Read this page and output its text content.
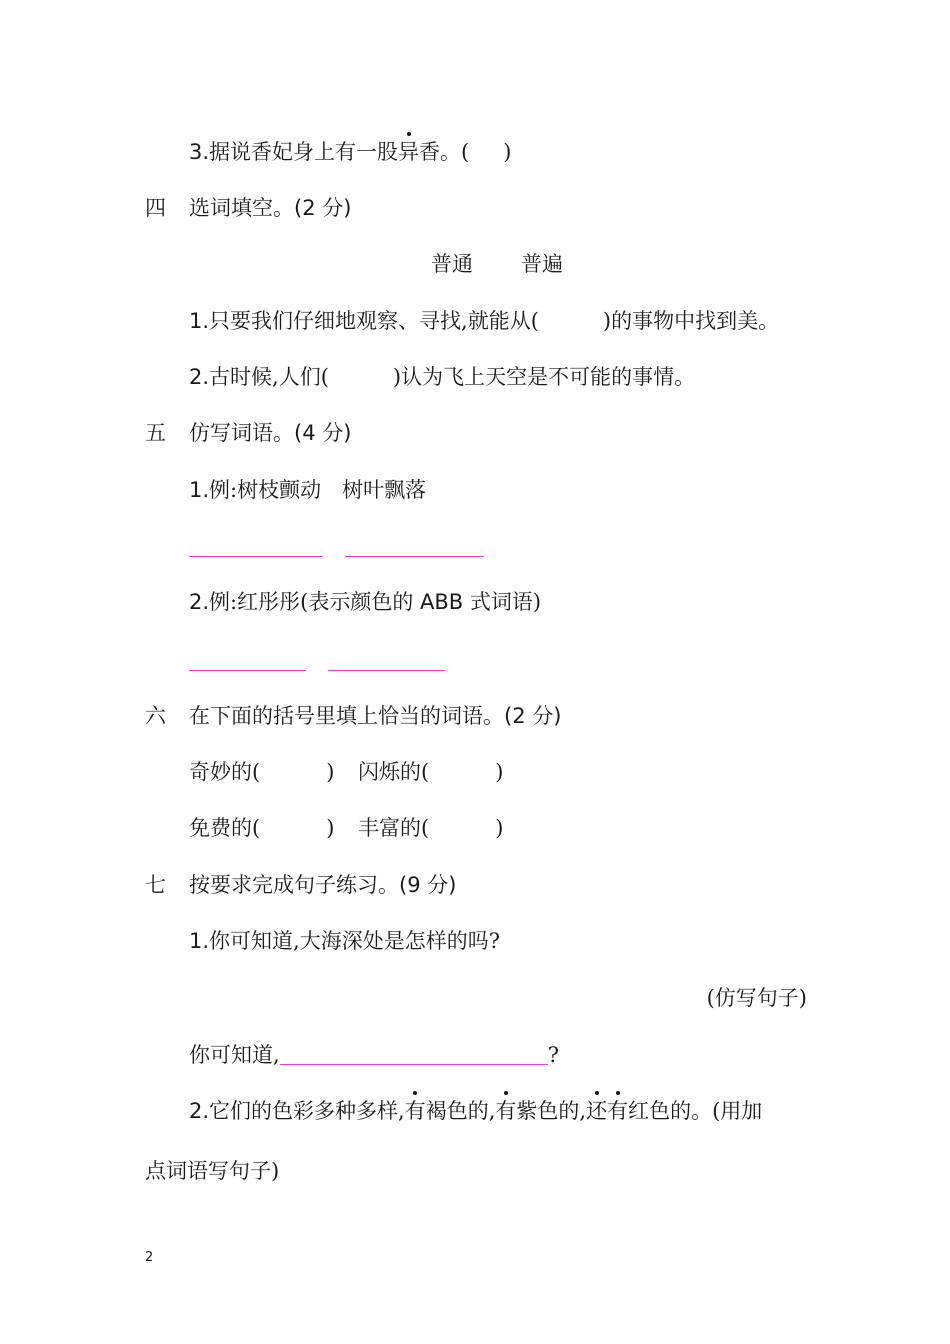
3.据说香妃身上有一股异香。( )
四 选词填空。(2 分)
普通 普遍
1.只要我们仔细地观察、寻找,就能从(	)的事物中找到美。
2.古时候,人们(	)认为飞上天空是不可能的事情。
五 仿写词语。(4 分)
1.例:树枝颤动　树叶飘落
2.例:红彤彤(表示颜色的 ABB 式词语)
六 在下面的括号里填上恰当的词语。(2 分)
奇妙的(	) 闪烁的(	)
免费的(	) 丰富的(	)
七 按要求完成句子练习。(9 分)
1.你可知道,大海深处是怎样的吗?
(仿写句子)
你可知道,	?
2.它们的色彩多种多样,有褐色的,有紫色的,还有红色的。(用加
点词语写句子)
2
